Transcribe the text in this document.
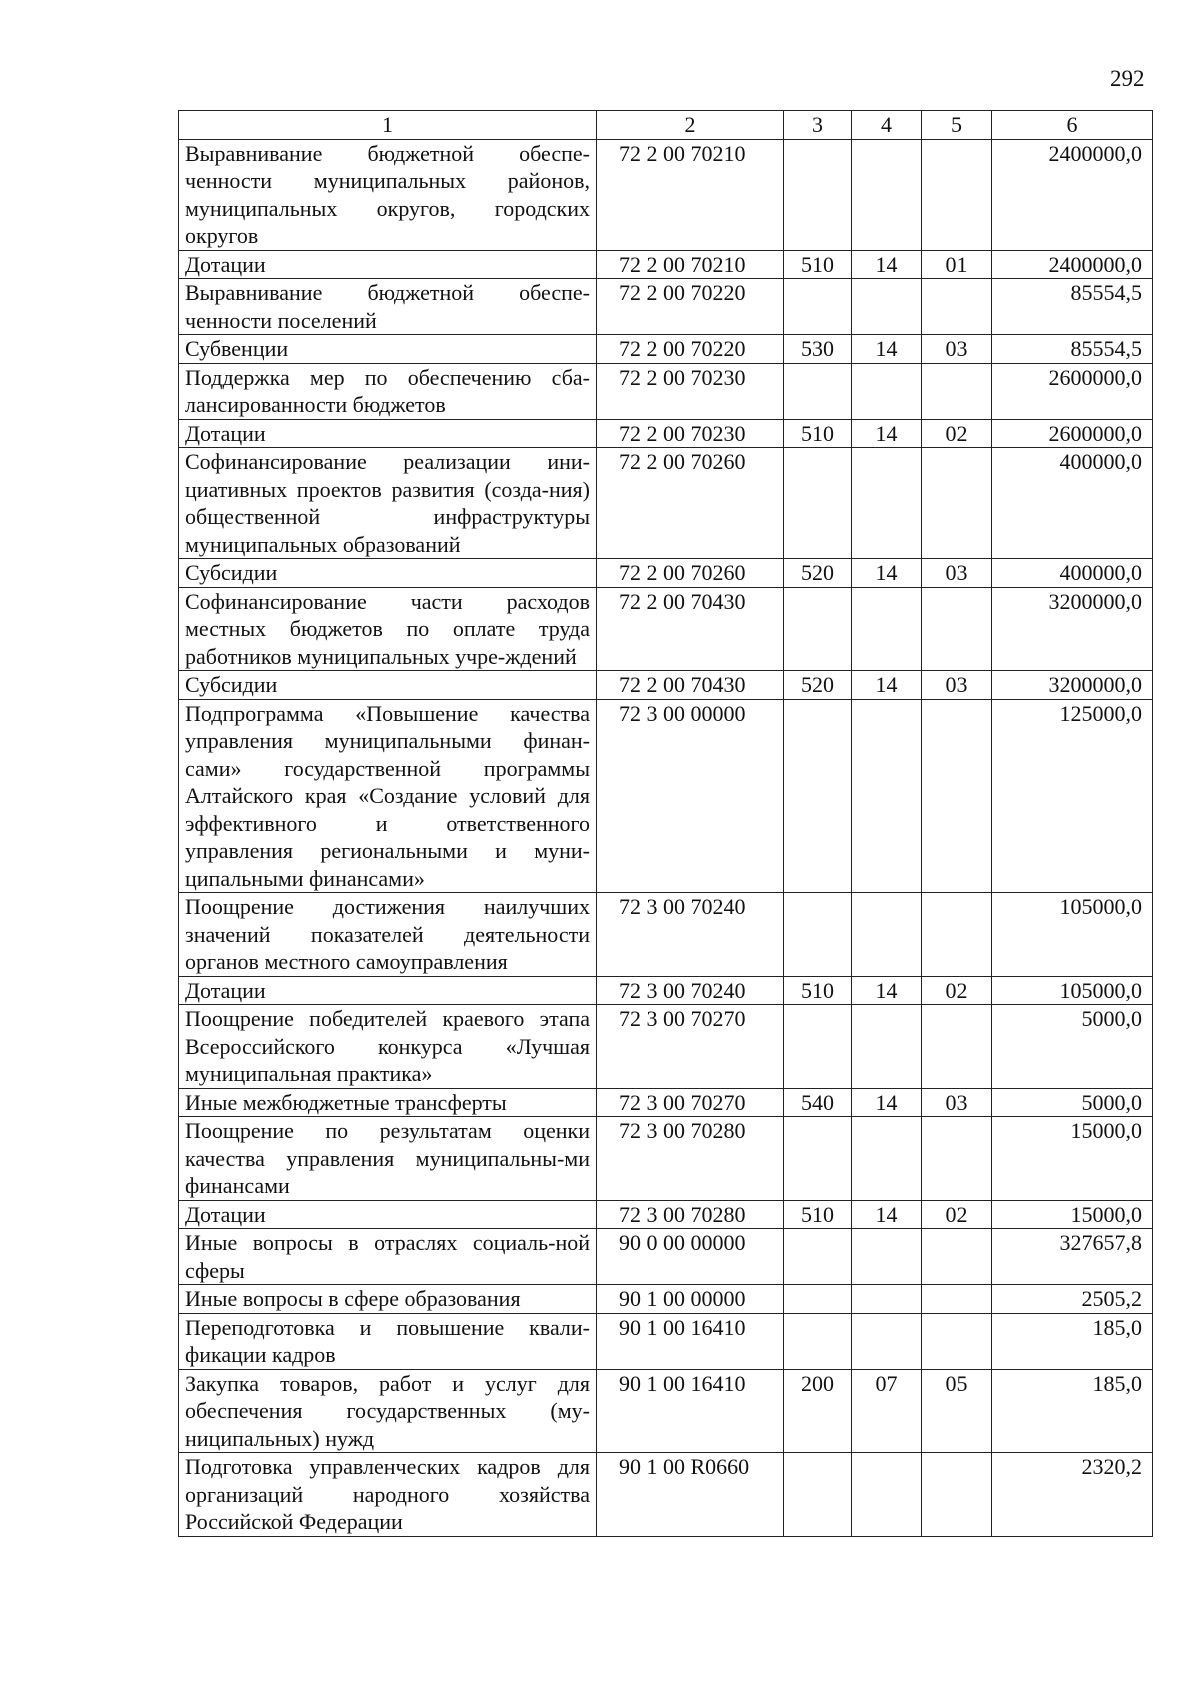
292
1	2	3	4	5	6
Выравнивание бюджетной обеспе-ченности муниципальных районов, муниципальных округов, городских округов	72 2 00 70210				2400000,0
Дотации	72 2 00 70210	510	14	01	2400000,0
Выравнивание бюджетной обеспе-ченности поселений	72 2 00 70220				85554,5
Субвенции	72 2 00 70220	530	14	03	85554,5
Поддержка мер по обеспечению сба-лансированности бюджетов	72 2 00 70230				2600000,0
Дотации	72 2 00 70230	510	14	02	2600000,0
Софинансирование реализации ини-циативных проектов развития (созда-ния) общественной инфраструктуры муниципальных образований	72 2 00 70260				400000,0
Субсидии	72 2 00 70260	520	14	03	400000,0
Софинансирование части расходов местных бюджетов по оплате труда работников муниципальных учре-ждений	72 2 00 70430				3200000,0
Субсидии	72 2 00 70430	520	14	03	3200000,0
Подпрограмма «Повышение качества управления муниципальными финан-сами» государственной программы Алтайского края «Создание условий для эффективного и ответственного управления региональными и муни-ципальными финансами»	72 3 00 00000				125000,0
Поощрение достижения наилучших значений показателей деятельности органов местного самоуправления	72 3 00 70240				105000,0
Дотации	72 3 00 70240	510	14	02	105000,0
Поощрение победителей краевого этапа Всероссийского конкурса «Лучшая муниципальная практика»	72 3 00 70270				5000,0
Иные межбюджетные трансферты	72 3 00 70270	540	14	03	5000,0
Поощрение по результатам оценки качества управления муниципальны-ми финансами	72 3 00 70280				15000,0
Дотации	72 3 00 70280	510	14	02	15000,0
Иные вопросы в отраслях социаль-ной сферы	90 0 00 00000				327657,8
Иные вопросы в сфере образования	90 1 00 00000				2505,2
Переподготовка и повышение квали-фикации кадров	90 1 00 16410				185,0
Закупка товаров, работ и услуг для обеспечения государственных (му-ниципальных) нужд	90 1 00 16410	200	07	05	185,0
Подготовка управленческих кадров для организаций народного хозяйства Российской Федерации	90 1 00 R0660				2320,2
